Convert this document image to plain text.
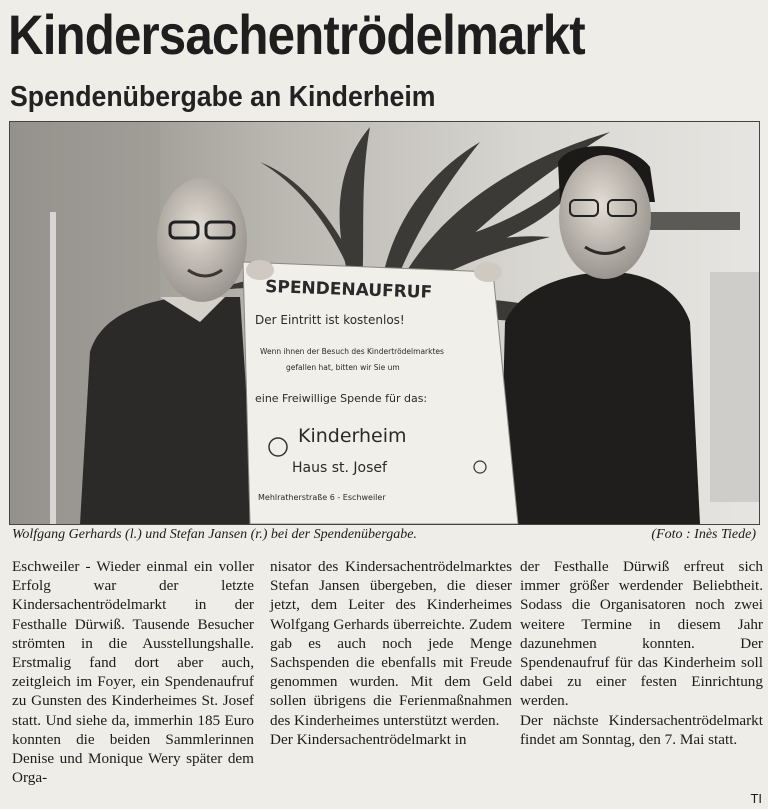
Kindersachentrödelmarkt
Spendenübergabe an Kinderheim
SPENDENAUFRUF
Der Eintritt ist kostenlos!
Wenn ihnen der Besuch des Kindertrödelmarktes
gefallen hat, bitten wir Sie um
eine Freiwillige Spende für das:
Kinderheim
Haus st. Josef
Mehlratherstraße 6 - Eschweiler
Wolfgang Gerhards (l.) und Stefan Jansen (r.) bei der Spendenübergabe.	(Foto : Inès Tiede)

Eschweiler - Wieder einmal ein voller Erfolg war der letzte Kindersachentrödelmarkt in der Festhalle Dürwiß. Tausende Besucher strömten in die Ausstellungshalle. Erstmalig fand dort aber auch, zeitgleich im Foyer, ein Spendenaufruf zu Gunsten des Kinderheimes St. Josef statt. Und siehe da, immerhin 185 Euro konnten die beiden Sammlerinnen Denise und Monique Wery später dem Orga-

nisator des Kindersachentrödelmarktes Stefan Jansen übergeben, die dieser jetzt, dem Leiter des Kinderheimes Wolfgang Gerhards überreichte. Zudem gab es auch noch jede Menge Sachspenden die ebenfalls mit Freude genommen wurden. Mit dem Geld sollen übrigens die Ferienmaßnahmen des Kinderheimes unterstützt werden.

Der Kindersachentrödelmarkt in

der Festhalle Dürwiß erfreut sich immer größer werdender Beliebtheit. Sodass die Organisatoren noch zwei weitere Termine in diesem Jahr dazunehmen konnten. Der Spendenaufruf für das Kinderheim soll dabei zu einer festen Einrichtung werden.

Der nächste Kindersachentrödelmarkt findet am Sonntag, den 7. Mai statt.

TI
